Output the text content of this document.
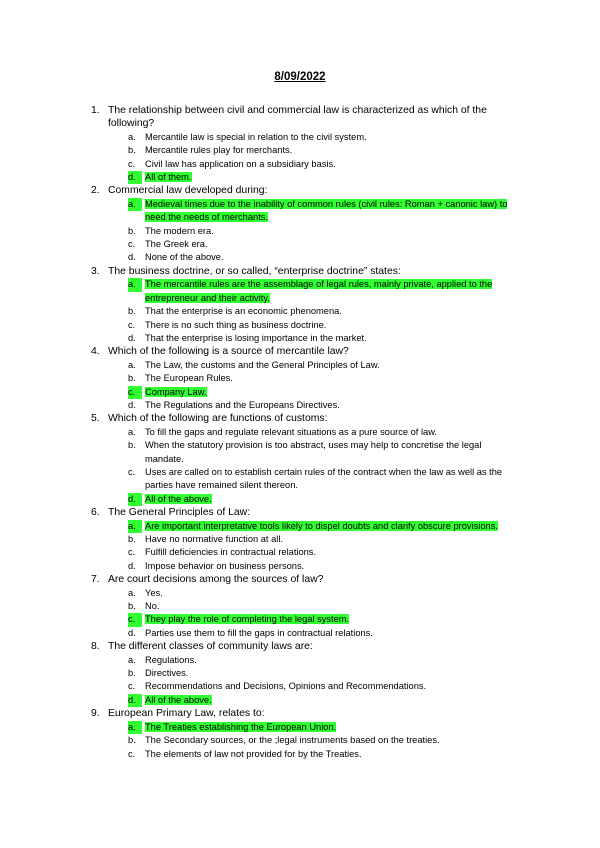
8/09/2022
1. The relationship between civil and commercial law is characterized as which of the following?
a. Mercantile law is special in relation to the civil system.
b. Mercantile rules play for merchants.
c.	Civil law has application on a subsidiary basis.
d. All of them.
2. Commercial law developed during:
a. Medieval times due to the inability of common rules (civil rules: Roman + canonic law) to need the needs of merchants.
b. The modern era.
c.	The Greek era.
d. None of the above.
3. The business doctrine, or so called, “enterprise doctrine” states:
a. The mercantile rules are the assemblage of legal rules, mainly private, applied to the entrepreneur and their activity.
b. That the enterprise is an economic phenomena.
c.	There is no such thing as business doctrine.
d. That the enterprise is losing importance in the market.
4. Which of the following is a source of mercantile law?
a. The Law, the customs and the General Principles of Law.
b. The European Rules.
c.	Company Law.
d. The Regulations and the Europeans Directives.
5. Which of the following are functions of customs:
a. To fill the gaps and regulate relevant situations as a pure source of law.
b. When the statutory provision is too abstract, uses may help to concretise the legal mandate.
c.	Uses are called on to establish certain rules of the contract when the law as well as the parties have remained silent thereon.
d. All of the above.
6. The General Principles of Law:
a. Are important interpretative tools likely to dispel doubts and clarify obscure provisions.
b. Have no normative function at all.
c.	Fulfill deficiencies in contractual relations.
d. Impose behavior on business persons.
7. Are court decisions among the sources of law?
a. Yes.
b. No.
c.	They play the role of completing the legal system.
d. Parties use them to fill the gaps in contractual relations.
8. The different classes of community laws are:
a. Regulations.
b. Directives.
c.	Recommendations and Decisions, Opinions and Recommendations.
d. All of the above.
9. European Primary Law, relates to:
a. The Treaties establishing the European Union.
b. The Secondary sources, or the ;legal instruments based on the treaties.
c.	The elements of law not provided for by the Treaties.
